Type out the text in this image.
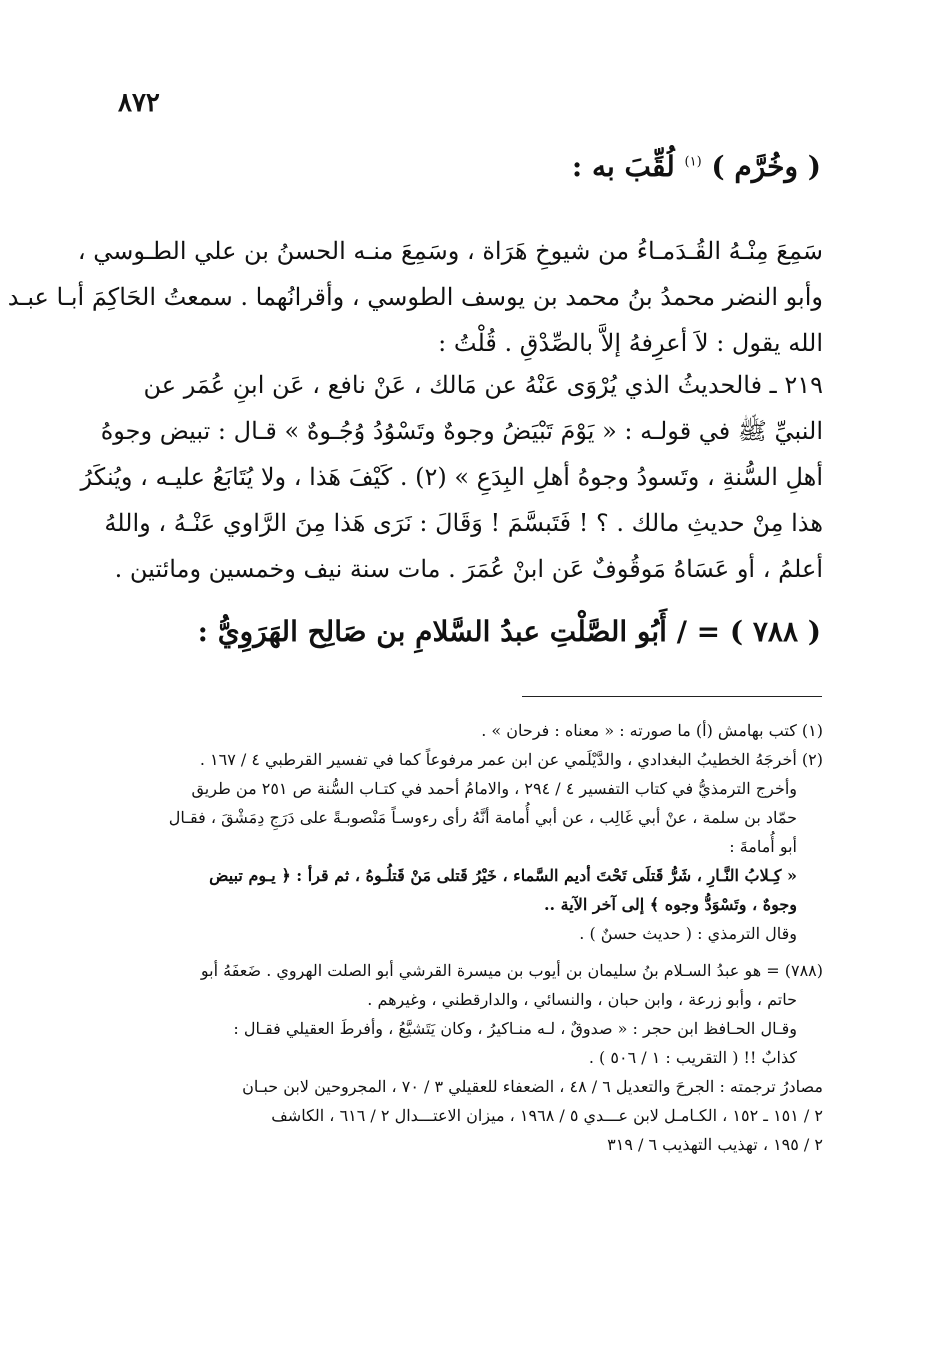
٨٧٢
( وخُرَّم ) $^{(١)}$ لُقِّبَ به :
سَمِعَ مِنْـهُ القُـدَمـاءُ من شيوخِ هَرَاة ، وسَمِعَ منـه الحسنُ بن علي الطـوسي ،
وأبو النضر محمدُ بنُ محمد بن يوسف الطوسي ، وأقرانُهما . سمعتُ الحَاكِمَ أبـا عبـد
الله يقول : لاَ أعرِفهُ إلاَّ بالصِّدْقِ . قُلْتُ :
٢١٩ ـ فالحديثُ الذي يُرْوَى عَنْهُ عن مَالك ، عَنْ نافع ، عَن ابنِ عُمَر عن
النبيِّ ﷺ في قولـه : « يَوْمَ تَبْيَضُ وجوهٌ وتَسْوُدُ وُجُـوهٌ » قـال : تبيض وجوهُ
أهلِ السُّنةِ ، وتَسودُ وجوهُ أهلِ البِدَعِ » (٢) . كَيْفَ هَذا ، ولا يُتَابَعُ عليـه ، ويُنكَرُ
هذا مِنْ حديثِ مالك . ؟ ! فَتَبسَّمَ ! وَقَالَ : نَرَى هَذا مِنَ الرَّاوي عَنْـهُ ، واللهُ
أعلمُ ، أو عَسَاهُ مَوقُوفٌ عَن ابنْ عُمَرَ . مات سنة نيف وخمسين ومائتين .
( ٧٨٨ ) = / أَبُو الصَّلْتِ عبدُ السَّلامِ بن صَالِح الهَرَوِيُّ :
(١) كتب بهامش (أ) ما صورته : « معناه : فرحان » .
(٢) أخرجَهُ الخطيبُ البغدادي ، والدَّيْلَمي عن ابن عمر مرفوعاً كما في تفسير القرطبي ٤ / ١٦٧ .
وأخرج الترمذيُّ في كتاب التفسير ٤ / ٢٩٤ ، والامامُ أحمد في كتـاب السُّنة ص ٢٥١ من طريق
حمّاد بن سلمة ، عنْ أبي غَالِب ، عن أبي أُمامة أنَّهُ رأى رءوسـاً مَنْصوبـةً على دَرَجِ دِمَشْقَ ، فقـال
أبو أُمامةَ :
« كِـلابُ النَّـارِ ، شَرُّ قَتلَى تَحْتَ أديم السَّماء ، خَيْرُ قَتلى مَنْ قَتلُـوهُ ، ثم قرأ : ﴿ يـوم تبيض
وجوهٌ ، وتَسْوَدُّ وجوه ﴾ إلى آخر الآية ..
وقال الترمذي : ( حديث حسنٌ ) .
(٧٨٨) = هو عبدُ السـلام بنُ سليمان بن أيوب بن ميسرة القرشي أبو الصلت الهروي . ضَعفَهُ أبو
حاتم ، وأبو زرعة ، وابن حبان ، والنسائي ، والدارقطني ، وغيرهم .
وقـال الحـافظ ابن حجر : « صدوقٌ ، لـه منـاكيرُ ، وكان يَتَشيَّعُ ، وأفرطَ العقيلي فقـال :
كذابٌ !! ( التقريب : ١ / ٥٠٦ ) .
مصادرُ ترجمته : الجرحَ والتعديل ٦ / ٤٨ ، الضعفاء للعقيلي ٣ / ٧٠ ، المجروحين لابن حبـان
٢ / ١٥١ ـ ١٥٢ ، الكـامـل لابن عـــدي ٥ / ١٩٦٨ ، ميزان الاعتـــدال ٢ / ٦١٦ ، الكاشف
٢ / ١٩٥ ، تهذيب التهذيب ٦ / ٣١٩
